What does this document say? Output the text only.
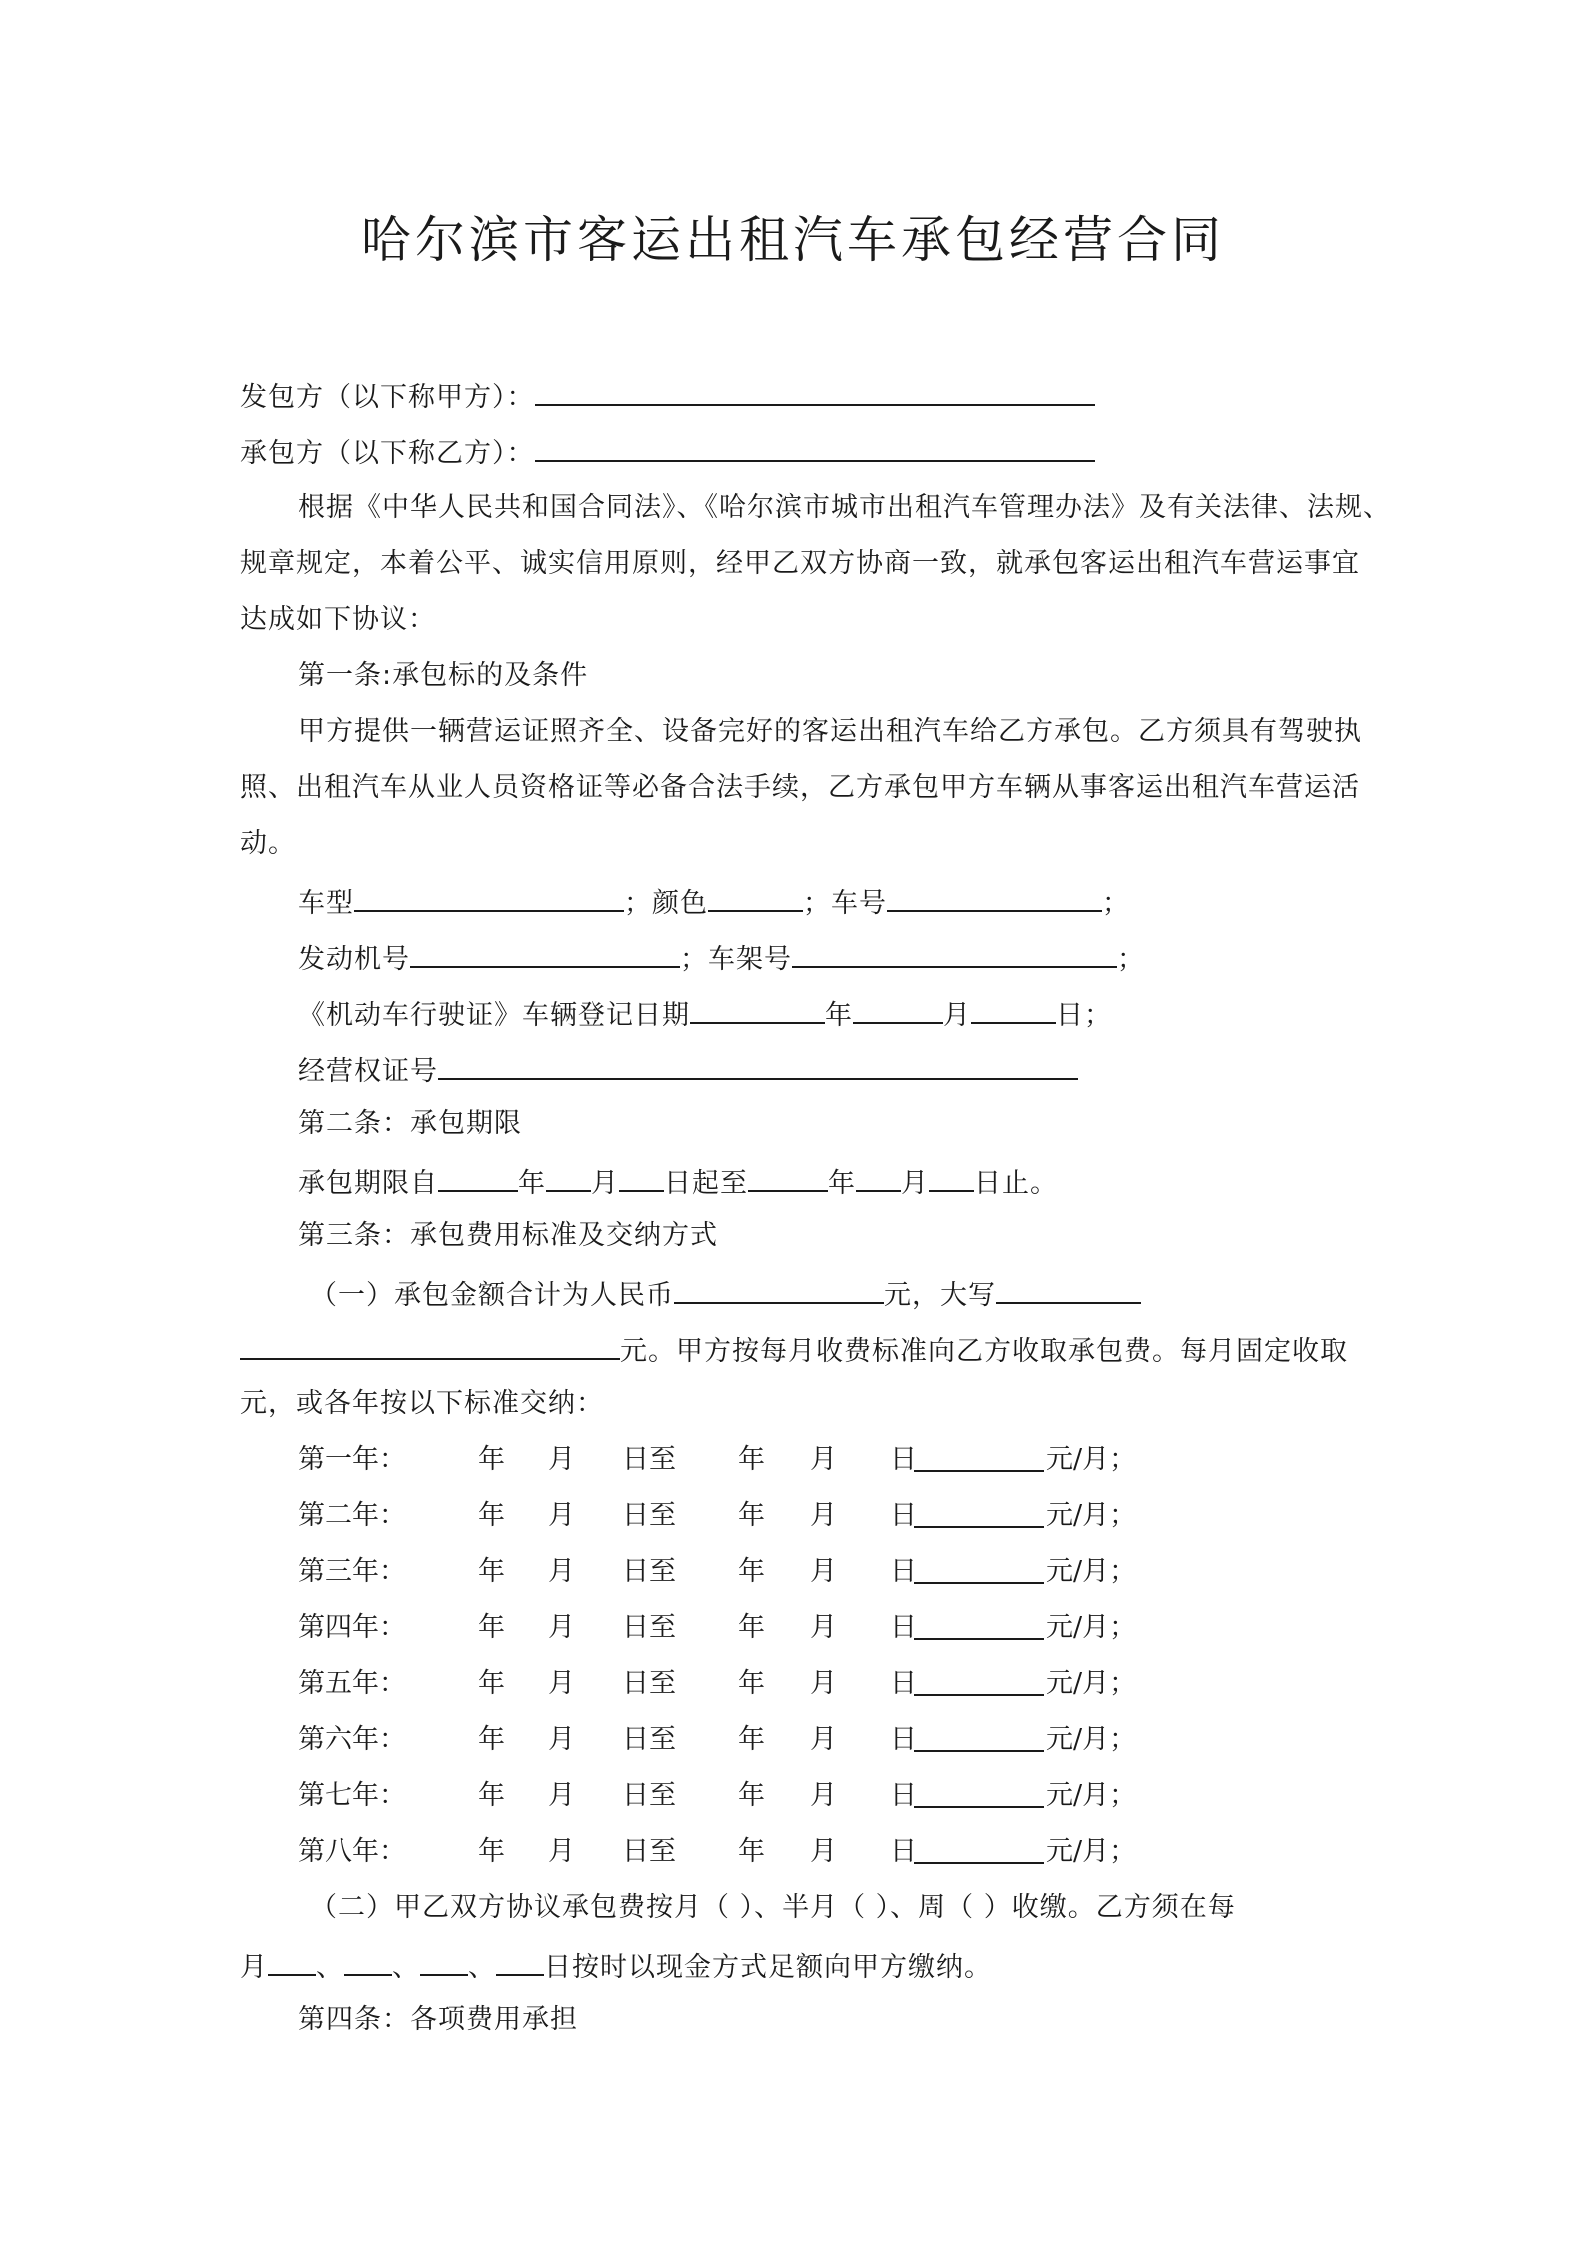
哈尔滨市客运出租汽车承包经营合同
发包方（以下称甲方）：
承包方（以下称乙方）：
根据《中华人民共和国合同法》、《哈尔滨市城市出租汽车管理办法》及有关法律、法规、
规章规定，本着公平、诚实信用原则，经甲乙双方协商一致，就承包客运出租汽车营运事宜
达成如下协议：
第一条:承包标的及条件
甲方提供一辆营运证照齐全、设备完好的客运出租汽车给乙方承包。乙方须具有驾驶执
照、出租汽车从业人员资格证等必备合法手续，乙方承包甲方车辆从事客运出租汽车营运活
动。
车型	；颜色	；车号	；
发动机号	；车架号	；
《机动车行驶证》车辆登记日期	年	月	日；
经营权证号
第二条：承包期限
承包期限自	年 月 日起至	年 月 日止。
第三条：承包费用标准及交纳方式
（一）承包金额合计为人民币	元，大写
元。甲方按每月收费标准向乙方收取承包费。每月固定收取
元，或各年按以下标准交纳：
第一年：	年 月 日至 年 月 日	元/月；
第二年：	年 月 日至 年 月 日	元/月；
第三年：	年 月 日至 年 月 日	元/月；
第四年：	年 月 日至 年 月 日	元/月；
第五年：	年 月 日至 年 月 日	元/月；
第六年：	年 月 日至 年 月 日	元/月；
第七年：	年 月 日至 年 月 日	元/月；
第八年：	年 月 日至 年 月 日	元/月；
（二）甲乙双方协议承包费按月（ ）、半月（ ）、周（ ）收缴。乙方须在每
月 、 、 、 日按时以现金方式足额向甲方缴纳。
第四条：各项费用承担
